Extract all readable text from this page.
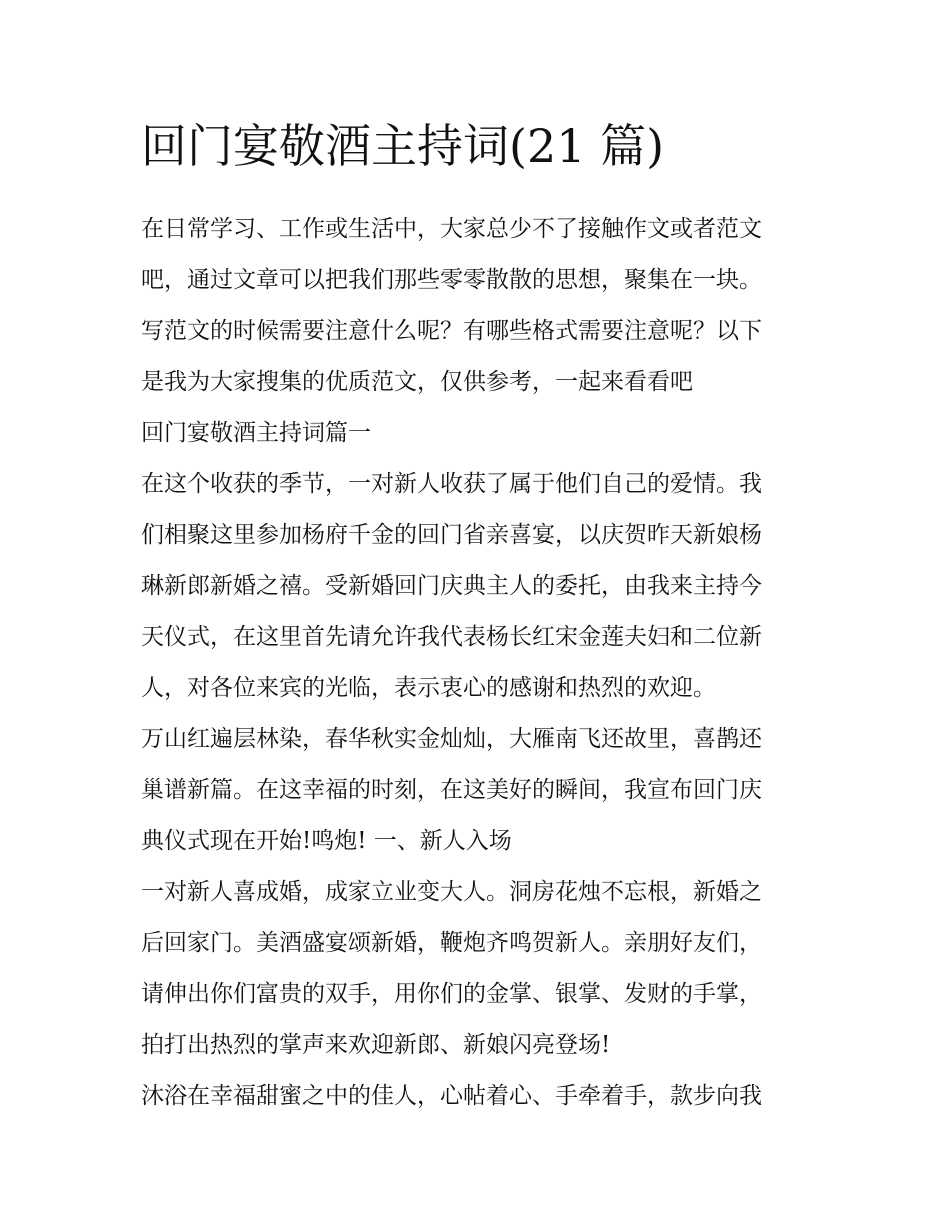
回门宴敬酒主持词(21 篇)
在日常学习、工作或生活中，大家总少不了接触作文或者范文
吧，通过文章可以把我们那些零零散散的思想，聚集在一块。
写范文的时候需要注意什么呢？有哪些格式需要注意呢？以下
是我为大家搜集的优质范文，仅供参考，一起来看看吧
回门宴敬酒主持词篇一
在这个收获的季节，一对新人收获了属于他们自己的爱情。我
们相聚这里参加杨府千金的回门省亲喜宴，以庆贺昨天新娘杨
琳新郎新婚之禧。受新婚回门庆典主人的委托，由我来主持今
天仪式，在这里首先请允许我代表杨长红宋金莲夫妇和二位新
人，对各位来宾的光临，表示衷心的感谢和热烈的欢迎。
万山红遍层林染，春华秋实金灿灿，大雁南飞还故里，喜鹊还
巢谱新篇。在这幸福的时刻，在这美好的瞬间，我宣布回门庆
典仪式现在开始!鸣炮! 一、新人入场
一对新人喜成婚，成家立业变大人。洞房花烛不忘根，新婚之
后回家门。美酒盛宴颂新婚，鞭炮齐鸣贺新人。亲朋好友们，
请伸出你们富贵的双手，用你们的金掌、银掌、发财的手掌，
拍打出热烈的掌声来欢迎新郎、新娘闪亮登场!
沐浴在幸福甜蜜之中的佳人，心帖着心、手牵着手，款步向我
